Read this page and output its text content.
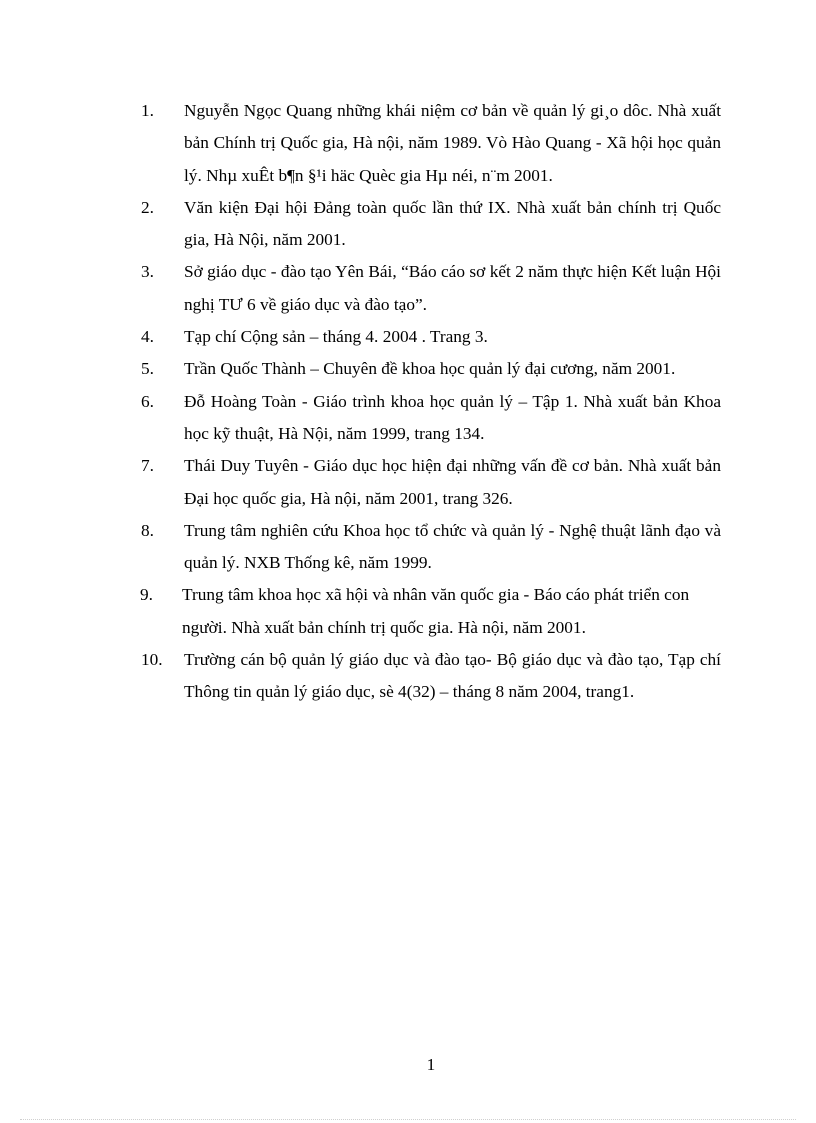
1. Nguyễn Ngọc Quang những khái niệm cơ bản về quản lý gi¸o dôc. Nhà xuất bản Chính trị Quốc gia, Hà nội, năm 1989. Vò Hào Quang - Xã hội học quản lý. Nhµ xuÊt b¶n §¹i häc Quèc gia Hµ néi, n¨m 2001.
2. Văn kiện Đại hội Đảng toàn quốc lần thứ IX. Nhà xuất bản chính trị Quốc gia, Hà Nội, năm 2001.
3. Sở giáo dục - đào tạo Yên Bái, “Báo cáo sơ kết 2 năm thực hiện Kết luận Hội nghị TƯ 6 về giáo dục và đào tạo”.
4. Tạp chí Cộng sản – tháng 4. 2004 . Trang 3.
5. Trần Quốc Thành – Chuyên đề khoa học quản lý đại cương, năm 2001.
6. Đỗ Hoàng Toàn - Giáo trình khoa học quản lý – Tập 1. Nhà xuất bản Khoa học kỹ thuật, Hà Nội, năm 1999, trang 134.
7. Thái Duy Tuyên - Giáo dục học hiện đại những vấn đề cơ bản. Nhà xuất bản Đại học quốc gia, Hà nội, năm 2001, trang 326.
8. Trung tâm nghiên cứu Khoa học tổ chức và quản lý - Nghệ thuật lãnh đạo và quản lý. NXB Thống kê, năm 1999.
9. Trung tâm khoa học xã hội và nhân văn quốc gia - Báo cáo phát triển con người. Nhà xuất bản chính trị quốc gia. Hà nội, năm 2001.
10. Trường cán bộ quản lý giáo dục và đào tạo- Bộ giáo dục và đào tạo, Tạp chí Thông tin quản lý giáo dục, sè 4(32) – tháng 8 năm 2004, trang1.
1
